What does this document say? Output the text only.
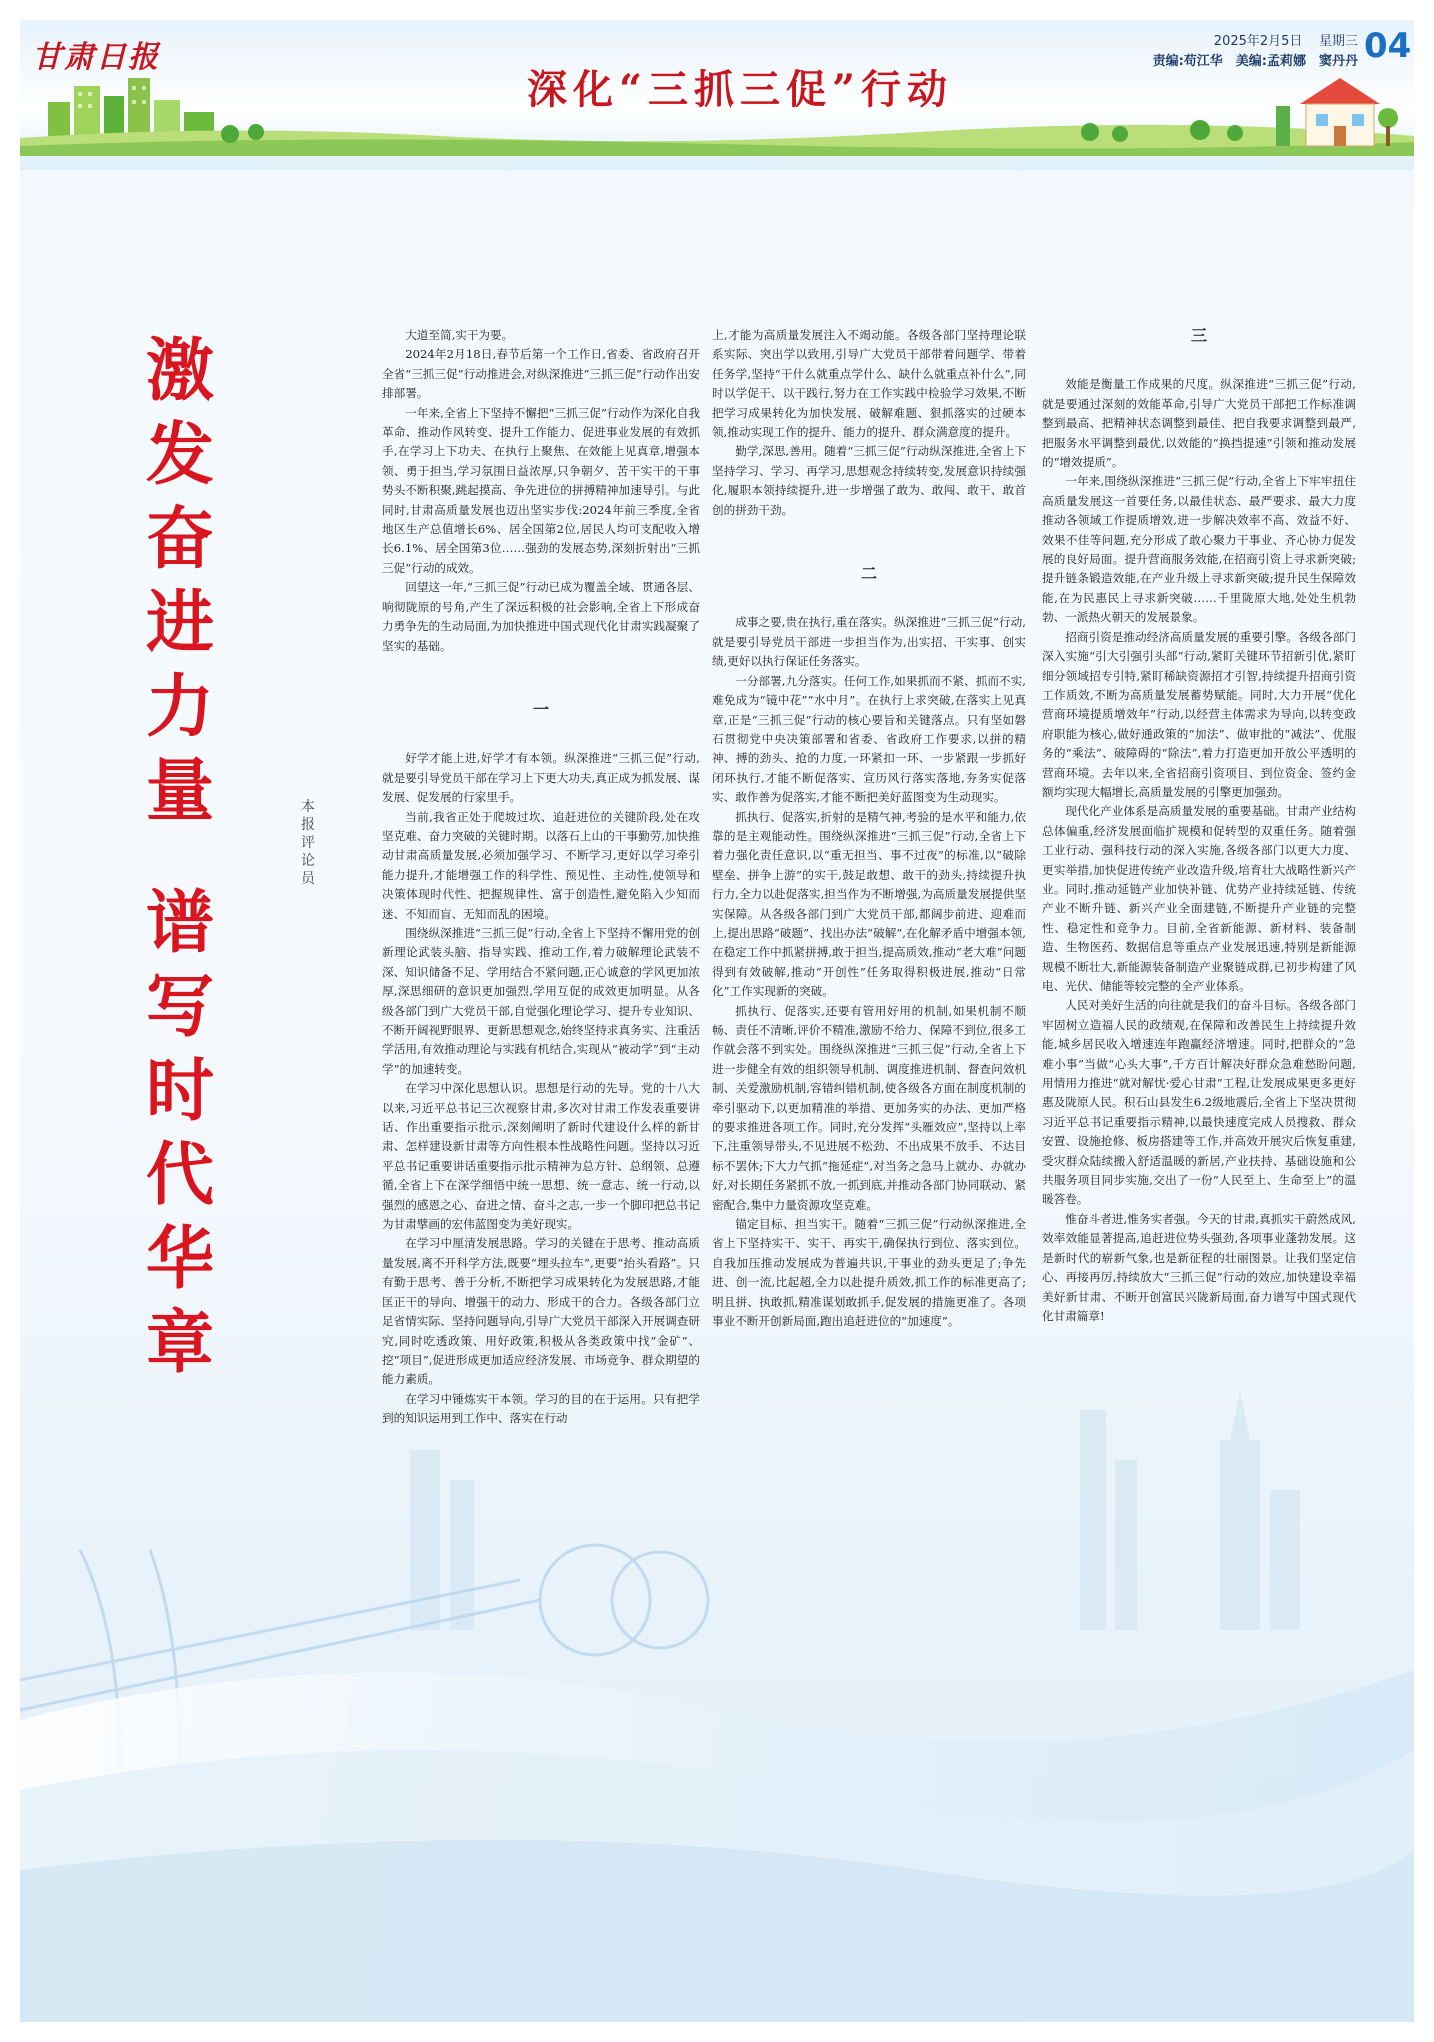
甘肃日报
深化“三抓三促”行动
2025年2月5日 星期三
责编:苟江华　美编:孟莉娜　窦丹丹 04
激
发
奋
进
力
量
谱
写
时
代
华
章
本
报
评
论
员

大道至简,实干为要。

2024年2月18日,春节后第一个工作日,省委、省政府召开全省“三抓三促”行动推进会,对纵深推进“三抓三促”行动作出安排部署。

一年来,全省上下坚持不懈把“三抓三促”行动作为深化自我革命、推动作风转变、提升工作能力、促进事业发展的有效抓手,在学习上下功夫、在执行上聚焦、在效能上见真章,增强本领、勇于担当,学习氛围日益浓厚,只争朝夕、苦干实干的干事势头不断积聚,跳起摸高、争先进位的拼搏精神加速导引。与此同时,甘肃高质量发展也迈出坚实步伐:2024年前三季度,全省地区生产总值增长6%、居全国第2位,居民人均可支配收入增长6.1%、居全国第3位……强劲的发展态势,深刻折射出“三抓三促”行动的成效。

回望这一年,“三抓三促”行动已成为覆盖全域、贯通各层、响彻陇原的号角,产生了深远积极的社会影响,全省上下形成奋力勇争先的生动局面,为加快推进中国式现代化甘肃实践凝聚了坚实的基础。

一

好学才能上进,好学才有本领。纵深推进“三抓三促”行动,就是要引导党员干部在学习上下更大功夫,真正成为抓发展、谋发展、促发展的行家里手。

当前,我省正处于爬坡过坎、追赶进位的关键阶段,处在攻坚克难、奋力突破的关键时期。以落石上山的干事勤劳,加快推动甘肃高质量发展,必须加强学习、不断学习,更好以学习牵引能力提升,才能增强工作的科学性、预见性、主动性,使领导和决策体现时代性、把握规律性、富于创造性,避免陷入少知而迷、不知而盲、无知而乱的困境。

围绕纵深推进“三抓三促”行动,全省上下坚持不懈用党的创新理论武装头脑、指导实践、推动工作,着力破解理论武装不深、知识储备不足、学用结合不紧问题,正心诚意的学风更加浓厚,深思细研的意识更加强烈,学用互促的成效更加明显。从各级各部门到广大党员干部,自觉强化理论学习、提升专业知识、不断开阔视野眼界、更新思想观念,始终坚持求真务实、注重活学活用,有效推动理论与实践有机结合,实现从“被动学”到“主动学”的加速转变。

在学习中深化思想认识。思想是行动的先导。党的十八大以来,习近平总书记三次视察甘肃,多次对甘肃工作发表重要讲话、作出重要指示批示,深刻阐明了新时代建设什么样的新甘肃、怎样建设新甘肃等方向性根本性战略性问题。坚持以习近平总书记重要讲话重要指示批示精神为总方针、总纲领、总遵循,全省上下在深学细悟中统一思想、统一意志、统一行动,以强烈的感恩之心、奋进之情、奋斗之志,一步一个脚印把总书记为甘肃擘画的宏伟蓝图变为美好现实。

在学习中厘清发展思路。学习的关键在于思考、推动高质量发展,离不开科学方法,既要“埋头拉车”,更要“抬头看路”。只有勤于思考、善于分析,不断把学习成果转化为发展思路,才能匡正干的导向、增强干的动力、形成干的合力。各级各部门立足省情实际、坚持问题导向,引导广大党员干部深入开展调查研究,同时吃透政策、用好政策,积极从各类政策中找“金矿”、挖“项目”,促进形成更加适应经济发展、市场竞争、群众期望的能力素质。

在学习中锤炼实干本领。学习的目的在于运用。只有把学到的知识运用到工作中、落实在行动

上,才能为高质量发展注入不竭动能。各级各部门坚持理论联系实际、突出学以致用,引导广大党员干部带着问题学、带着任务学,坚持“干什么就重点学什么、缺什么就重点补什么”,同时以学促干、以干践行,努力在工作实践中检验学习效果,不断把学习成果转化为加快发展、破解难题、狠抓落实的过硬本领,推动实现工作的提升、能力的提升、群众满意度的提升。

勤学,深思,善用。随着“三抓三促”行动纵深推进,全省上下坚持学习、学习、再学习,思想观念持续转变,发展意识持续强化,履职本领持续提升,进一步增强了敢为、敢闯、敢干、敢首创的拼劲干劲。

二

成事之要,贵在执行,重在落实。纵深推进“三抓三促”行动,就是要引导党员干部进一步担当作为,出实招、干实事、创实绩,更好以执行保证任务落实。

一分部署,九分落实。任何工作,如果抓而不紧、抓而不实,难免成为“镜中花”“水中月”。在执行上求突破,在落实上见真章,正是“三抓三促”行动的核心要旨和关键落点。只有坚如磐石贯彻党中央决策部署和省委、省政府工作要求,以拼的精神、搏的劲头、抢的力度,一环紧扣一环、一步紧跟一步抓好闭环执行,才能不断促落实、宣历风行落实落地,夯务实促落实、敢作善为促落实,才能不断把美好蓝图变为生动现实。

抓执行、促落实,折射的是精气神,考验的是水平和能力,依靠的是主观能动性。围绕纵深推进“三抓三促”行动,全省上下着力强化责任意识,以“重无担当、事不过夜”的标准,以“破除壁垒、拼争上游”的实干,鼓足敢想、敢干的劲头,持续提升执行力,全力以赴促落实,担当作为不断增强,为高质量发展提供坚实保障。从各级各部门到广大党员干部,都阔步前进、迎难而上,提出思路“破题”、找出办法“破解”,在化解矛盾中增强本领,在稳定工作中抓紧拼搏,敢于担当,提高质效,推动“老大难”问题得到有效破解,推动“开创性”任务取得积极进展,推动“日常化”工作实现新的突破。

抓执行、促落实,还要有管用好用的机制,如果机制不顺畅、责任不清晰,评价不精准,激励不给力、保障不到位,很多工作就会落不到实处。围绕纵深推进“三抓三促”行动,全省上下进一步健全有效的组织领导机制、调度推进机制、督查问效机制、关爱激励机制,容错纠错机制,使各级各方面在制度机制的牵引驱动下,以更加精准的举措、更加务实的办法、更加严格的要求推进各项工作。同时,充分发挥“头雁效应”,坚持以上率下,注重领导带头,不见进展不松劲、不出成果不放手、不达目标不罢休;下大力气抓“拖延症”,对当务之急马上就办、办就办好,对长期任务紧抓不放,一抓到底,并推动各部门协同联动、紧密配合,集中力量资源攻坚克难。

锚定目标、担当实干。随着“三抓三促”行动纵深推进,全省上下坚持实干、实干、再实干,确保执行到位、落实到位。自我加压推动发展成为普遍共识,干事业的劲头更足了;争先进、创一流,比起超,全力以赴提升质效,抓工作的标准更高了;明且拼、执敢抓,精准谋划敢抓手,促发展的措施更准了。各项事业不断开创新局面,跑出追赶进位的“加速度”。

三

效能是衡量工作成果的尺度。纵深推进“三抓三促”行动,就是要通过深刻的效能革命,引导广大党员干部把工作标准调整到最高、把精神状态调整到最佳、把自我要求调整到最严,把服务水平调整到最优,以效能的“换挡提速”引领和推动发展的“增效提质”。

一年来,围绕纵深推进“三抓三促”行动,全省上下牢牢扭住高质量发展这一首要任务,以最佳状态、最严要求、最大力度推动各领域工作提质增效,进一步解决效率不高、效益不好、效果不佳等问题,充分形成了敢心聚力干事业、齐心协力促发展的良好局面。提升营商服务效能,在招商引资上寻求新突破;提升链条锻造效能,在产业升级上寻求新突破;提升民生保障效能,在为民惠民上寻求新突破……千里陇原大地,处处生机勃勃、一派热火朝天的发展景象。

招商引资是推动经济高质量发展的重要引擎。各级各部门深入实施“引大引强引头部”行动,紧盯关键环节招新引优,紧盯细分领域招专引特,紧盯稀缺资源招才引智,持续提升招商引资工作质效,不断为高质量发展蓄势赋能。同时,大力开展“优化营商环境提质增效年”行动,以经营主体需求为导向,以转变政府职能为核心,做好通政策的“加法”、做审批的“减法”、优服务的“乘法”、破障碍的“除法”,着力打造更加开放公平透明的营商环境。去年以来,全省招商引资项目、到位资金、签约金额均实现大幅增长,高质量发展的引擎更加强劲。

现代化产业体系是高质量发展的重要基础。甘肃产业结构总体偏重,经济发展面临扩规模和促转型的双重任务。随着强工业行动、强科技行动的深入实施,各级各部门以更大力度、更实举措,加快促进传统产业改造升级,培育壮大战略性新兴产业。同时,推动延链产业加快补链、优势产业持续延链、传统产业不断升链、新兴产业全面建链,不断提升产业链的完整性、稳定性和竞争力。目前,全省新能源、新材料、装备制造、生物医药、数据信息等重点产业发展迅速,特别是新能源规模不断壮大,新能源装备制造产业聚链成群,已初步构建了风电、光伏、储能等较完整的全产业体系。

人民对美好生活的向往就是我们的奋斗目标。各级各部门牢固树立造福人民的政绩观,在保障和改善民生上持续提升效能,城乡居民收入增速连年跑赢经济增速。同时,把群众的“急难小事”当做“心头大事”,千方百计解决好群众急难愁盼问题,用情用力推进“就对解忧·爱心甘肃”工程,让发展成果更多更好惠及陇原人民。积石山县发生6.2级地震后,全省上下坚决贯彻习近平总书记重要指示精神,以最快速度完成人员搜救、群众安置、设施抢修、板房搭建等工作,并高效开展灾后恢复重建,受灾群众陆续搬入舒适温暖的新居,产业扶持、基础设施和公共服务项目同步实施,交出了一份“人民至上、生命至上”的温暖答卷。

惟奋斗者进,惟务实者强。今天的甘肃,真抓实干蔚然成风,效率效能显著提高,追赶进位势头强劲,各项事业蓬勃发展。这是新时代的崭新气象,也是新征程的壮丽图景。让我们坚定信心、再接再厉,持续放大“三抓三促”行动的效应,加快建设幸福美好新甘肃、不断开创富民兴陇新局面,奋力谱写中国式现代化甘肃篇章!
